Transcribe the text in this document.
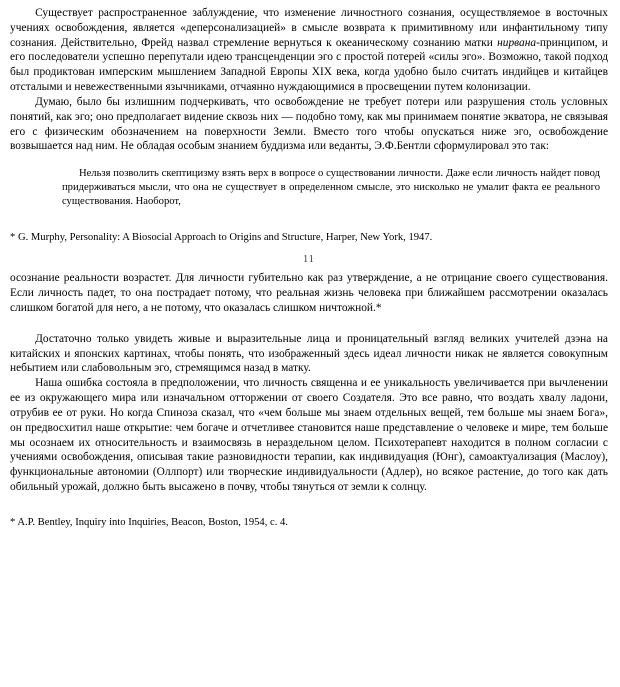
Существует распространенное заблуждение, что изменение личностного сознания, осуществляемое в восточных учениях освобождения, является «деперсонализацией» в смысле возврата к примитивному или инфантильному типу сознания. Действительно, Фрейд назвал стремление вернуться к океаническому сознанию матки нирвана-принципом, и его последователи успешно перепутали идею транcценденции эго с простой потерей «силы эго». Возможно, такой подход был продиктован имперским мышлением Западной Европы XIX века, когда удобно было считать индийцев и китайцев отсталыми и невежественными язычниками, отчаянно нуждающимися в просвещении путем колонизации.

Думаю, было бы излишним подчеркивать, что освобождение не требует потери или разрушения столь условных понятий, как эго; оно предполагает видение сквозь них — подобно тому, как мы принимаем понятие экватора, не связывая его с физическим обозначением на поверхности Земли. Вместо того чтобы опускаться ниже эго, освобождение возвышается над ним. Не обладая особым знанием буддизма или веданты, Э.Ф.Бентли сформулировал это так:

Нельзя позволить скептицизму взять верх в вопросе о существовании личности. Даже если личность найдет повод придерживаться мысли, что она не существует в определенном смысле, это нисколько не умалит факта ее реального существования. Наоборот,

* G. Murphy, Personality: A Biosocial Approach to Origins and Structure, Harper, New York, 1947.

11

осознание реальности возрастет. Для личности губительно как раз утверждение, а не отрицание своего существования. Если личность падет, то она пострадает потому, что реальная жизнь человека при ближайшем рассмотрении оказалась слишком богатой для него, а не потому, что оказалась слишком ничтожной.*

Достаточно только увидеть живые и выразительные лица и проницательный взгляд великих учителей дзэна на китайских и японских картинах, чтобы понять, что изображенный здесь идеал личности никак не является совокупным небытием или слабовольным эго, стремящимся назад в матку.

Наша ошибка состояла в предположении, что личность священна и ее уникальность увеличивается при вычленении ее из окружающего мира или изначальном отторжении от своего Создателя. Это все равно, что воздать хвалу ладони, отрубив ее от руки. Но когда Спиноза сказал, что «чем больше мы знаем отдельных вещей, тем больше мы знаем Бога», он предвосхитил наше открытие: чем богаче и отчетливее становится наше представление о человеке и мире, тем больше мы осознаем их относительность и взаимосвязь в нераздельном целом. Психотерапевт находится в полном согласии с учениями освобождения, описывая такие разновидности терапии, как индивидуация (Юнг), самоактуализация (Маслоу), функциональные автономии (Оллпорт) или творческие индивидуальности (Адлер), но всякое растение, до того как дать обильный урожай, должно быть высажено в почву, чтобы тянуться от земли к солнцу.

* A.P. Bentley, Inquiry into Inquiries, Beacon, Boston, 1954, c. 4.
